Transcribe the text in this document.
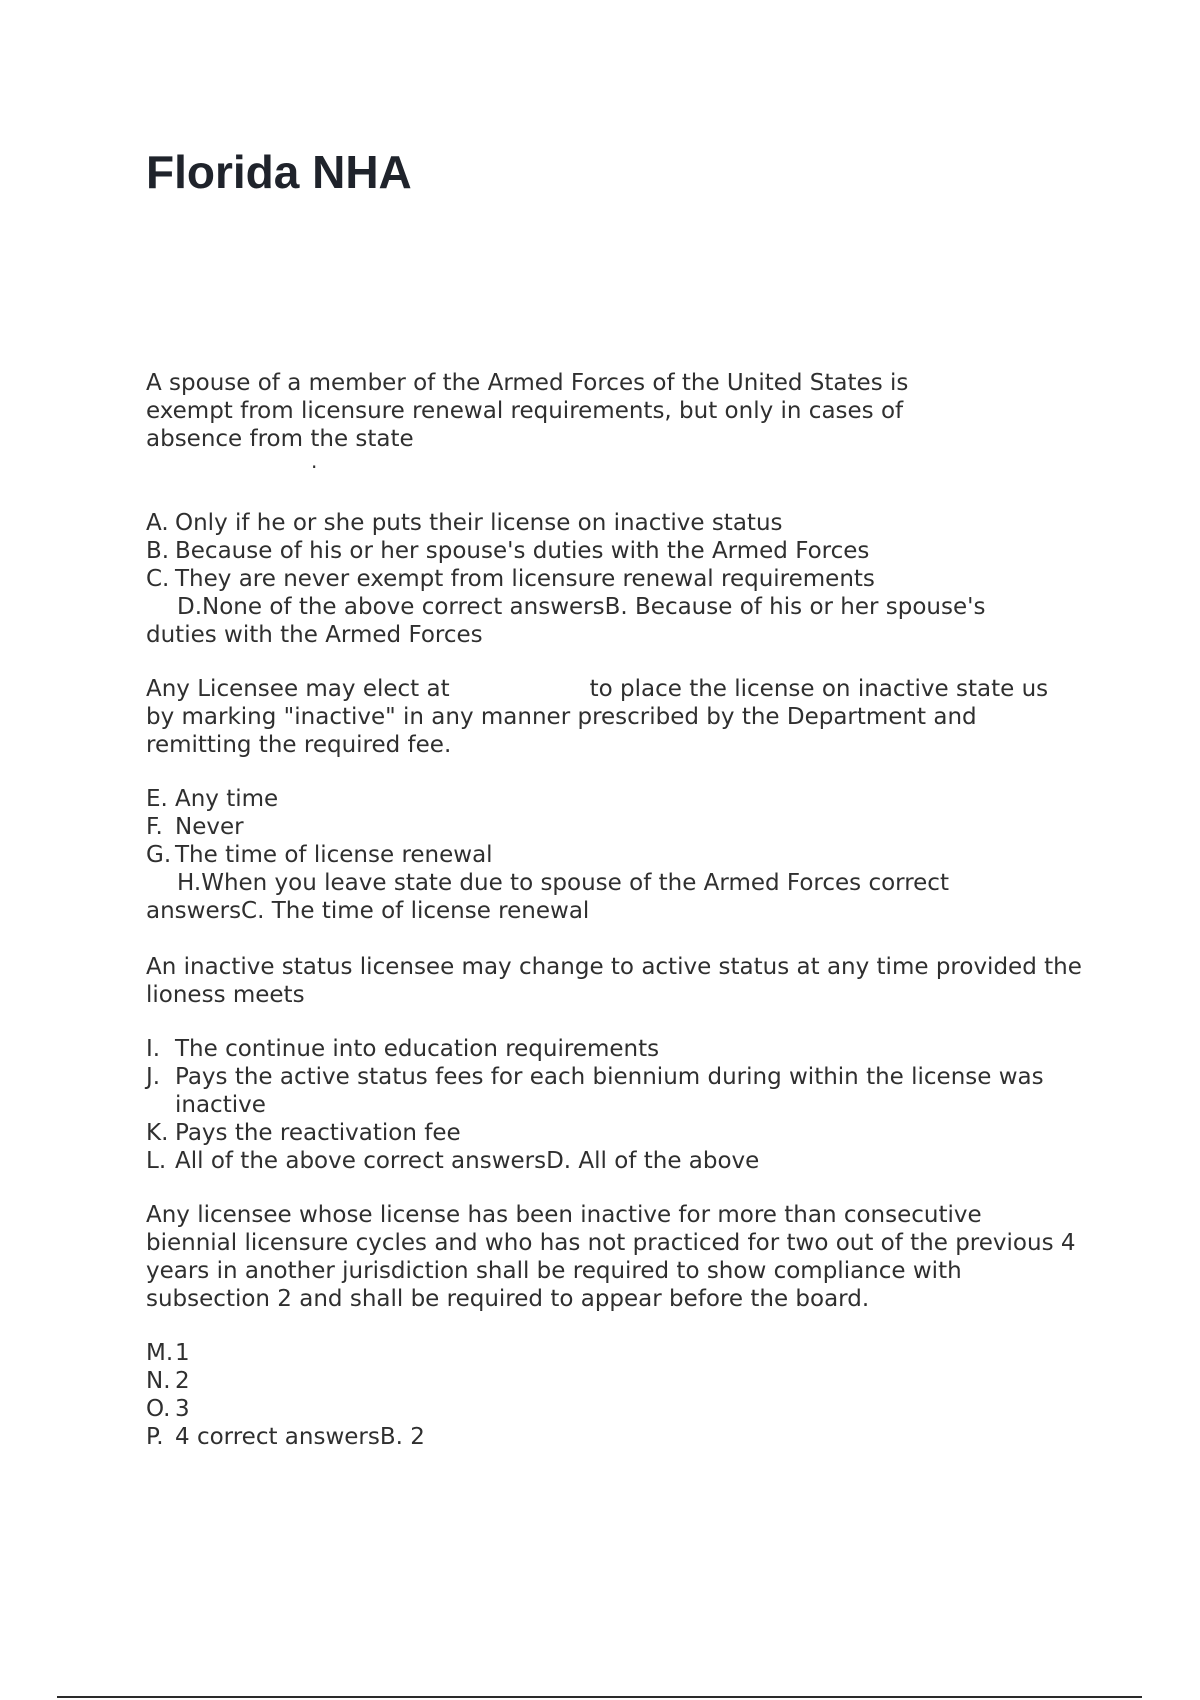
Florida NHA

A spouse of a member of the Armed Forces of the United States is exempt from licensure renewal requirements, but only in cases of absence from the state

.

A. Only if he or she puts their license on inactive status
B. Because of his or her spouse's duties with the Armed Forces
C. They are never exempt from licensure renewal requirements

D.None of the above correct answersB. Because of his or her spouse's duties with the Armed Forces

Any Licensee may elect at	to place the license on inactive state us by marking "inactive" in any manner prescribed by the Department and remitting the required fee.

E. Any time
F. Never
G. The time of license renewal

H.When you leave state due to spouse of the Armed Forces correct answersC. The time of license renewal

An inactive status licensee may change to active status at any time provided the lioness meets

I. The continue into education requirements
J. Pays the active status fees for each biennium during within the license was inactive
K. Pays the reactivation fee
L. All of the above correct answersD. All of the above

Any licensee whose license has been inactive for more than consecutive biennial licensure cycles and who has not practiced for two out of the previous 4 years in another jurisdiction shall be required to show compliance with subsection 2 and shall be required to appear before the board.

M. 1
N. 2
O. 3
P. 4 correct answersB. 2
